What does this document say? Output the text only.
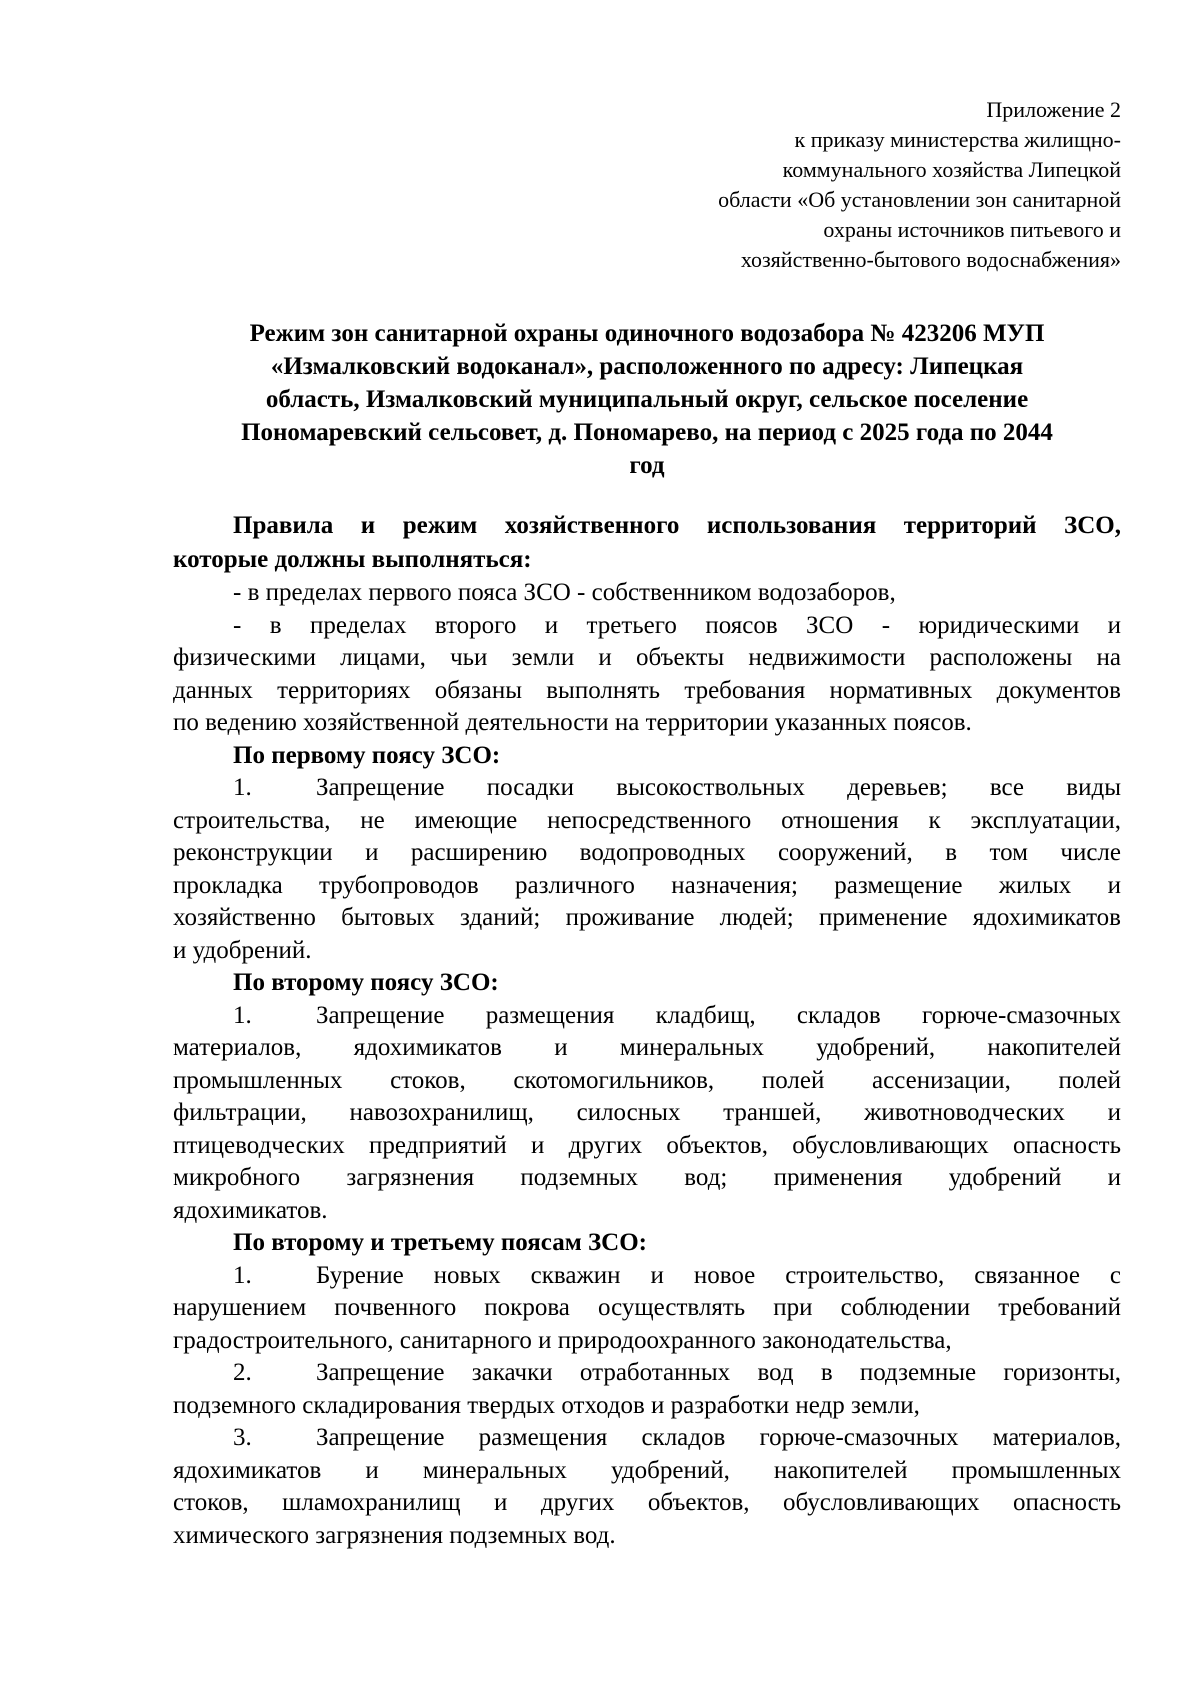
Приложение 2
к приказу министерства жилищно-
коммунального хозяйства Липецкой
области «Об установлении зон санитарной
охраны источников питьевого и
хозяйственно-бытового водоснабжения»
Режим зон санитарной охраны одиночного водозабора № 423206 МУП
«Измалковский водоканал», расположенного по адресу: Липецкая
область, Измалковский муниципальный округ, сельское поселение
Пономаревский сельсовет, д. Пономарево, на период с 2025 года по 2044
год
Правила и режим хозяйственного использования территорий ЗСО,
которые должны выполняться:
- в пределах первого пояса ЗСО - собственником водозаборов,
- в пределах второго и третьего поясов ЗСО - юридическими и
физическими лицами, чьи земли и объекты недвижимости расположены на
данных территориях обязаны выполнять требования нормативных документов
по ведению хозяйственной деятельности на территории указанных поясов.
По первому поясу ЗСО:
1.	Запрещение посадки высокоствольных деревьев; все виды
строительства, не имеющие непосредственного отношения к эксплуатации,
реконструкции и расширению водопроводных сооружений, в том числе
прокладка трубопроводов различного назначения; размещение жилых и
хозяйственно бытовых зданий; проживание людей; применение ядохимикатов
и удобрений.
По второму поясу ЗСО:
1.	Запрещение размещения кладбищ, складов горюче-смазочных
материалов, ядохимикатов и минеральных удобрений, накопителей
промышленных стоков, скотомогильников, полей ассенизации, полей
фильтрации, навозохранилищ, силосных траншей, животноводческих и
птицеводческих предприятий и других объектов, обусловливающих опасность
микробного загрязнения подземных вод; применения удобрений и
ядохимикатов.
По второму и третьему поясам ЗСО:
1.	Бурение новых скважин и новое строительство, связанное с
нарушением почвенного покрова осуществлять при соблюдении требований
градостроительного, санитарного и природоохранного законодательства,
2.	Запрещение закачки отработанных вод в подземные горизонты,
подземного складирования твердых отходов и разработки недр земли,
3.	Запрещение размещения складов горюче-смазочных материалов,
ядохимикатов и минеральных удобрений, накопителей промышленных
стоков, шламохранилищ и других объектов, обусловливающих опасность
химического загрязнения подземных вод.
